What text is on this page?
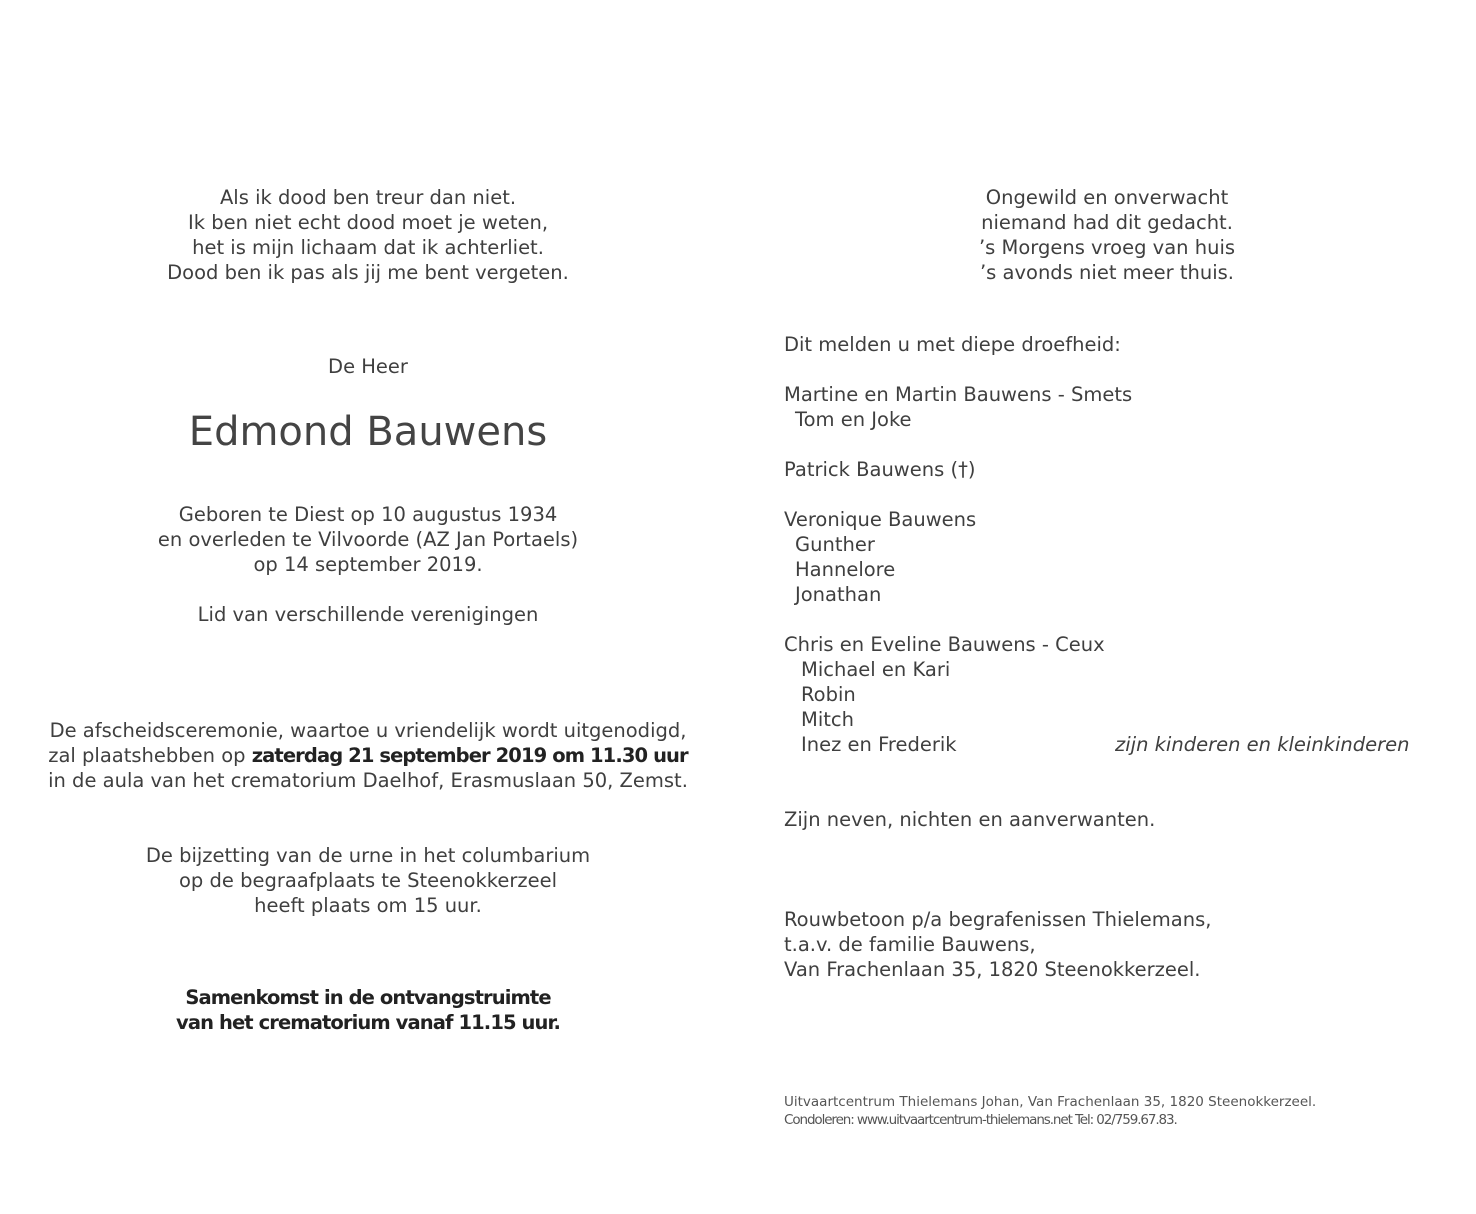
Als ik dood ben treur dan niet.
Ik ben niet echt dood moet je weten,
het is mijn lichaam dat ik achterliet.
Dood ben ik pas als jij me bent vergeten.
De Heer
Edmond Bauwens
Geboren te Diest op 10 augustus 1934
en overleden te Vilvoorde (AZ Jan Portaels)
op 14 september 2019.
Lid van verschillende verenigingen
De afscheidsceremonie, waartoe u vriendelijk wordt uitgenodigd,
zal plaatshebben op zaterdag 21 september 2019 om 11.30 uur
in de aula van het crematorium Daelhof, Erasmuslaan 50, Zemst.
De bijzetting van de urne in het columbarium
op de begraafplaats te Steenokkerzeel
heeft plaats om 15 uur.
Samenkomst in de ontvangstruimte
van het crematorium vanaf 11.15 uur.
Ongewild en onverwacht
niemand had dit gedacht.
’s Morgens vroeg van huis
’s avonds niet meer thuis.
Dit melden u met diepe droefheid:
Martine en Martin Bauwens - Smets
Tom en Joke
Patrick Bauwens (†)
Veronique Bauwens
Gunther
Hannelore
Jonathan
Chris en Eveline Bauwens - Ceux
Michael en Kari
Robin
Mitch
Inez en Frederik	zijn kinderen en kleinkinderen
Zijn neven, nichten en aanverwanten.
Rouwbetoon p/a begrafenissen Thielemans,
t.a.v. de familie Bauwens,
Van Frachenlaan 35, 1820 Steenokkerzeel.
Uitvaartcentrum Thielemans Johan, Van Frachenlaan 35, 1820 Steenokkerzeel.
Condoleren: www.uitvaartcentrum-thielemans.net Tel: 02/759.67.83.
